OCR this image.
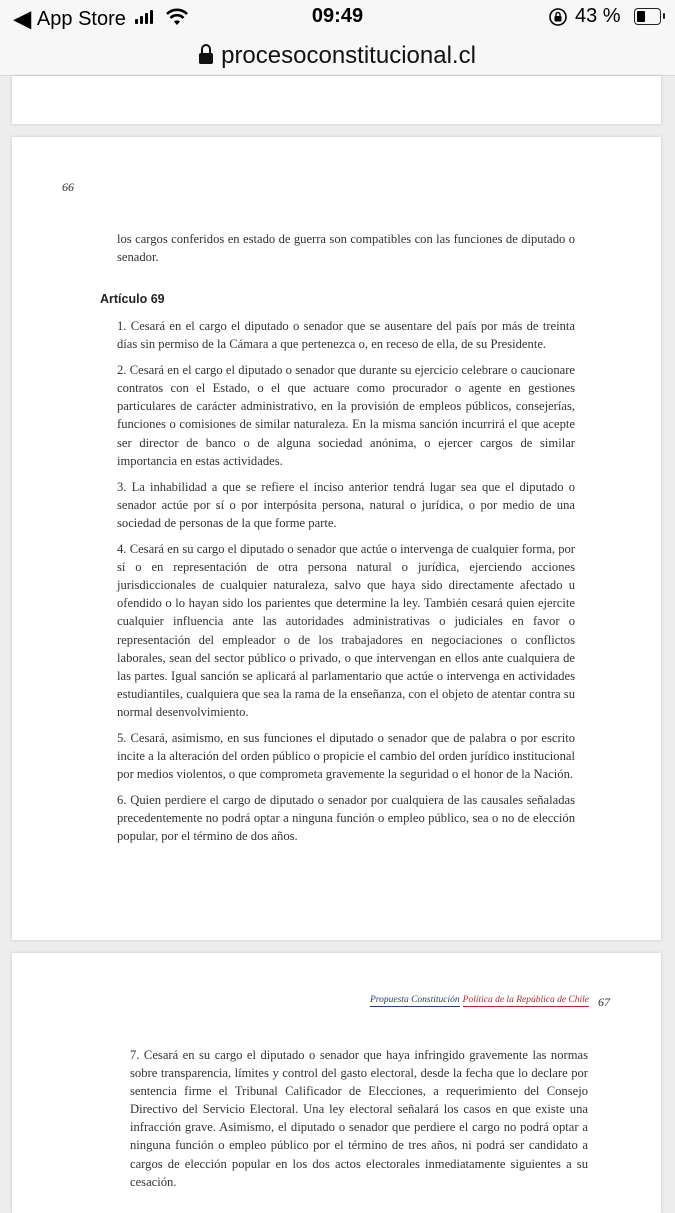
◀ App Store	09:49	43 %
procesoconstitucional.cl
66
los cargos conferidos en estado de guerra son compatibles con las funciones de diputado o senador.
Artículo 69

1. Cesará en el cargo el diputado o senador que se ausentare del país por más de treinta días sin permiso de la Cámara a que pertenezca o, en receso de ella, de su Presidente.

2. Cesará en el cargo el diputado o senador que durante su ejercicio celebrare o caucionare contratos con el Estado, o el que actuare como procurador o agente en gestiones particulares de carácter administrativo, en la provisión de empleos públicos, consejerías, funciones o comisiones de similar naturaleza. En la misma sanción incurrirá el que acepte ser director de banco o de alguna sociedad anónima, o ejercer cargos de similar importancia en estas actividades.

3. La inhabilidad a que se refiere el inciso anterior tendrá lugar sea que el diputado o senador actúe por sí o por interpósita persona, natural o jurídica, o por medio de una sociedad de personas de la que forme parte.

4. Cesará en su cargo el diputado o senador que actúe o intervenga de cualquier forma, por sí o en representación de otra persona natural o jurídica, ejerciendo acciones jurisdiccionales de cualquier naturaleza, salvo que haya sido directamente afectado u ofendido o lo hayan sido los parientes que determine la ley. También cesará quien ejercite cualquier influencia ante las autoridades administrativas o judiciales en favor o representación del empleador o de los trabajadores en negociaciones o conflictos laborales, sean del sector público o privado, o que intervengan en ellos ante cualquiera de las partes. Igual sanción se aplicará al parlamentario que actúe o intervenga en actividades estudiantiles, cualquiera que sea la rama de la enseñanza, con el objeto de atentar contra su normal desenvolvimiento.

5. Cesará, asimismo, en sus funciones el diputado o senador que de palabra o por escrito incite a la alteración del orden público o propicie el cambio del orden jurídico institucional por medios violentos, o que comprometa gravemente la seguridad o el honor de la Nación.

6. Quien perdiere el cargo de diputado o senador por cualquiera de las causales señaladas precedentemente no podrá optar a ninguna función o empleo público, sea o no de elección popular, por el término de dos años.

Propuesta Constitución Política de la República de Chile 67
7. Cesará en su cargo el diputado o senador que haya infringido gravemente las normas sobre transparencia, límites y control del gasto electoral, desde la fecha que lo declare por sentencia firme el Tribunal Calificador de Elecciones, a requerimiento del Consejo Directivo del Servicio Electoral. Una ley electoral señalará los casos en que existe una infracción grave. Asimismo, el diputado o senador que perdiere el cargo no podrá optar a ninguna función o empleo público por el término de tres años, ni podrá ser candidato a cargos de elección popular en los dos actos electorales inmediatamente siguientes a su cesación.
